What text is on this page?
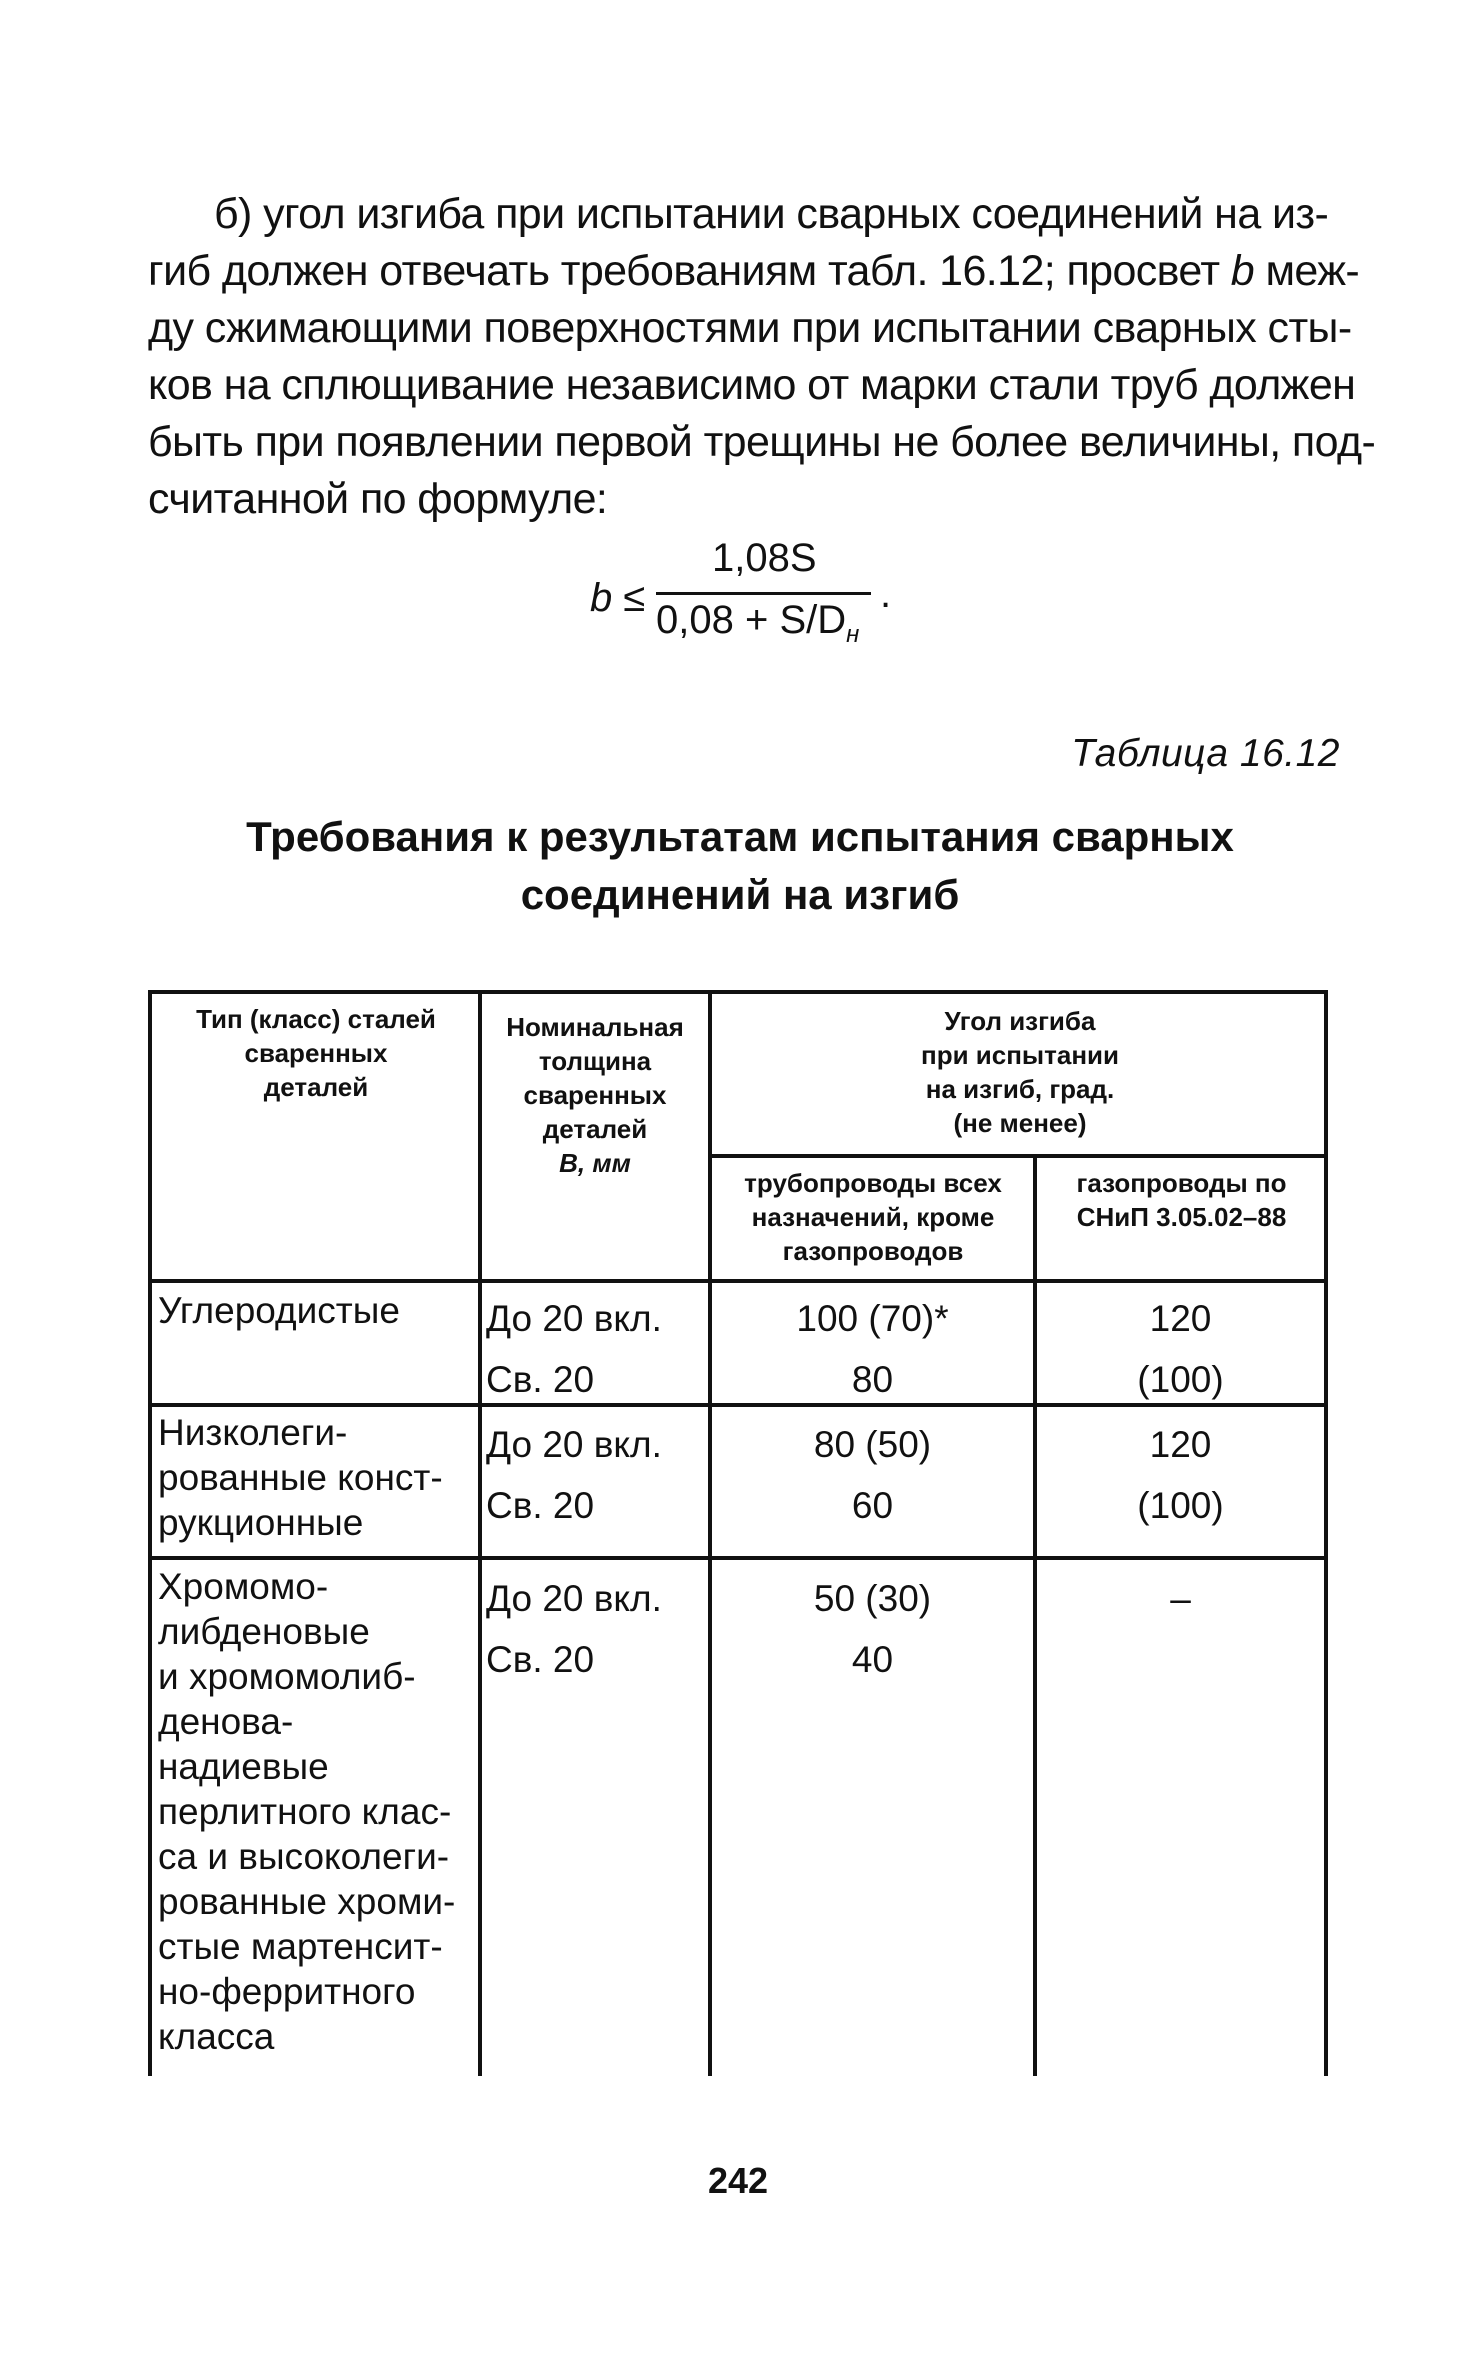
б) угол изгиба при испытании сварных соединений на из-
гиб должен отвечать требованиям табл. 16.12; просвет b меж-
ду сжимающими поверхностями при испытании сварных сты-
ков на сплющивание независимо от марки стали труб должен
быть при появлении первой трещины не более величины, под-
считанной по формуле:
b ≤
1,08S
$0,08 + S/D_н$
.
Таблица 16.12
Требования к результатам испытания сварных
соединений на изгиб
Тип (класс) сталей
сваренных
деталей
Номинальная
толщина
сваренных
деталей
В, мм
Угол изгиба
при испытании
на изгиб, град.
(не менее)
трубопроводы всех
назначений, кроме
газопроводов
газопроводы по
СНиП 3.05.02–88
Углеродистые	До 20 вкл.
Св. 20
100 (70)*
80
120
(100)
Низколеги-
рованные конст-
рукционные
До 20 вкл.
Св. 20
80 (50)
60
120
(100)
Хромомо-
либденовые
и хромомолиб-
денова-
надиевые
перлитного клас-
са и высоколеги-
рованные хроми-
стые мартенсит-
но-ферритного
класса
До 20 вкл.
Св. 20
50 (30)
40
–
242
